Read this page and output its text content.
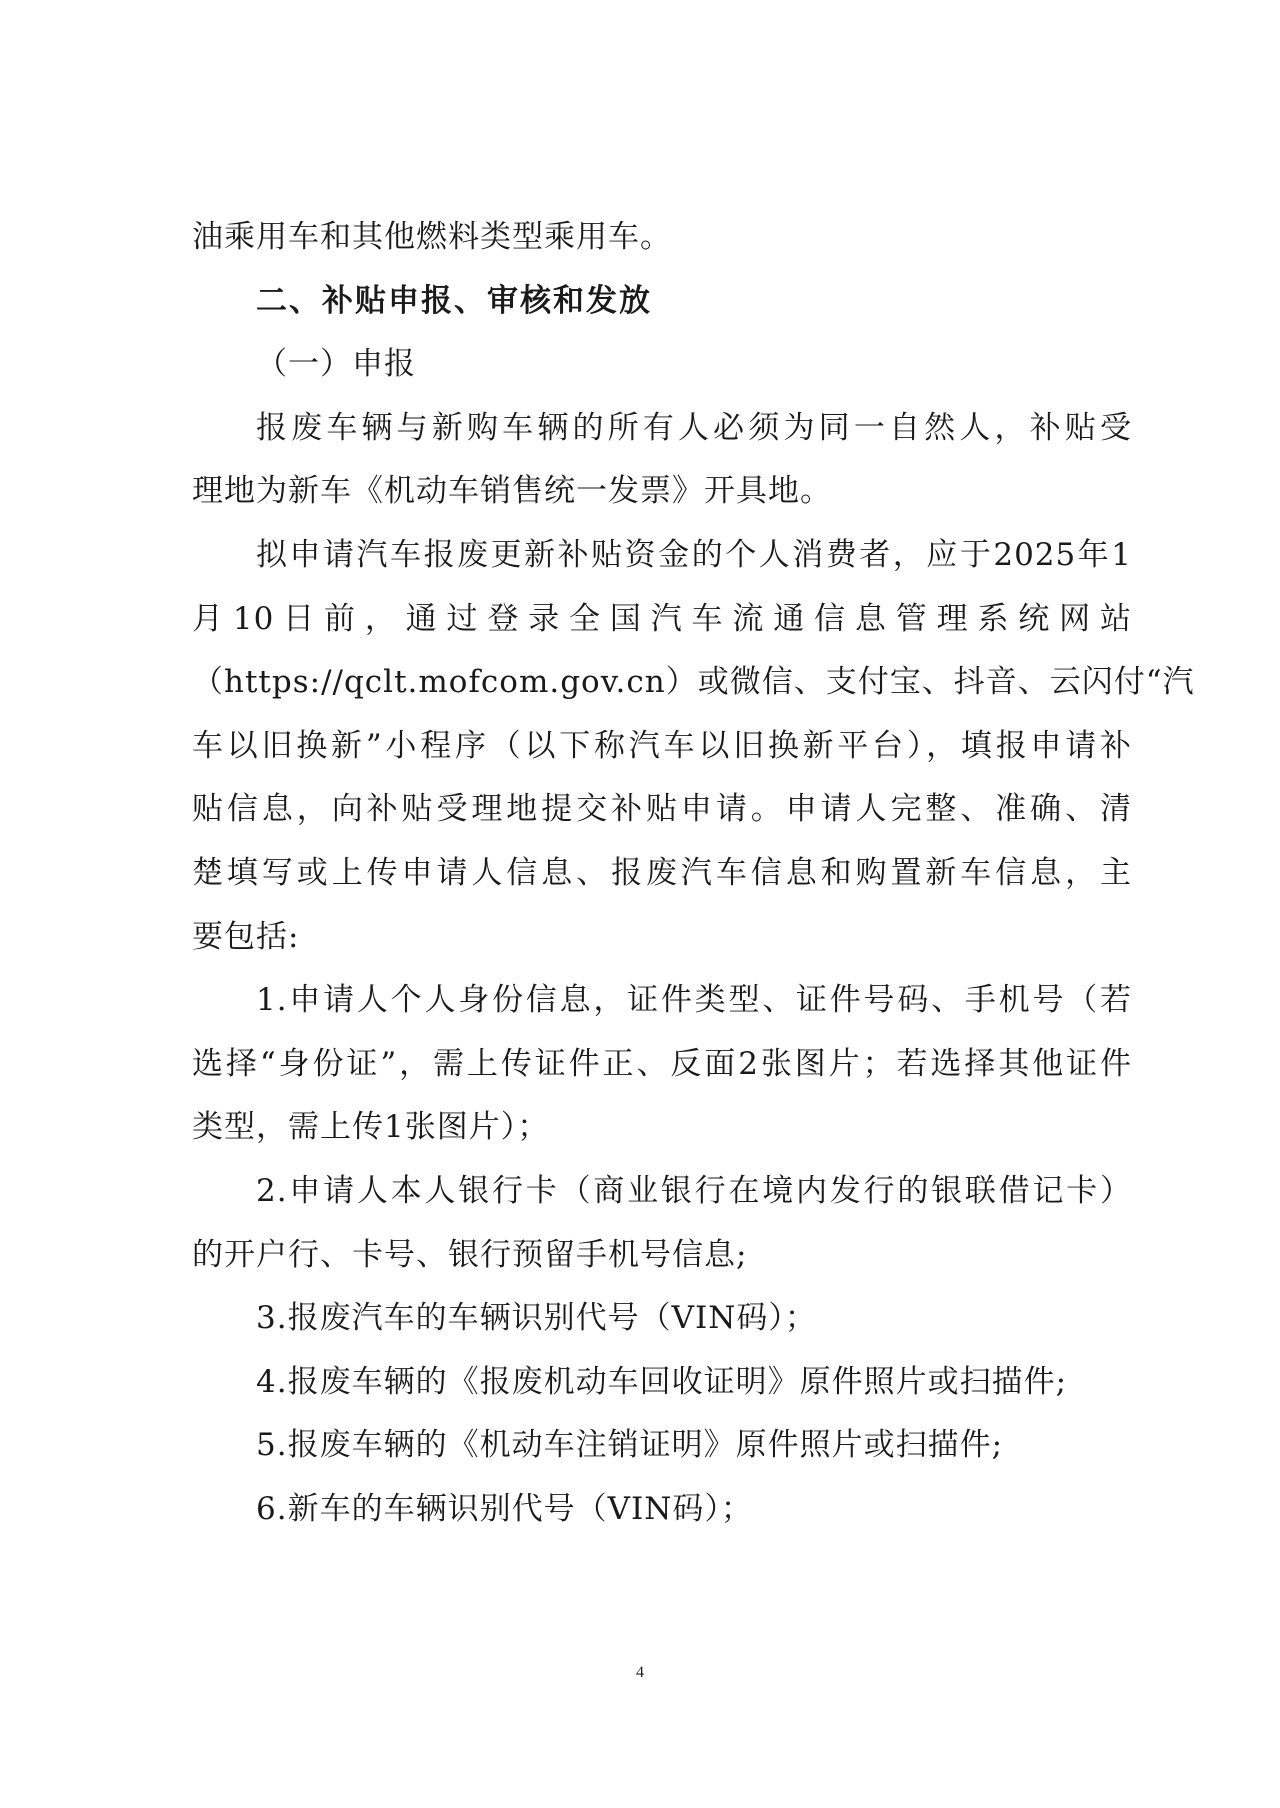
油乘用车和其他燃料类型乘用车。
二、补贴申报、审核和发放
（一）申报
报废车辆与新购车辆的所有人必须为同一自然人，补贴受
理地为新车《机动车销售统一发票》开具地。
拟申请汽车报废更新补贴资金的个人消费者，应于2025年1
月10日前，通过登录全国汽车流通信息管理系统网站
（https://qclt.mofcom.gov.cn）或微信、支付宝、抖音、云闪付“汽
车以旧换新”小程序（以下称汽车以旧换新平台），填报申请补
贴信息，向补贴受理地提交补贴申请。申请人完整、准确、清
楚填写或上传申请人信息、报废汽车信息和购置新车信息，主
要包括:
1.申请人个人身份信息，证件类型、证件号码、手机号（若
选择“身份证”，需上传证件正、反面2张图片；若选择其他证件
类型，需上传1张图片）；
2.申请人本人银行卡（商业银行在境内发行的银联借记卡）
的开户行、卡号、银行预留手机号信息;
3.报废汽车的车辆识别代号（VIN码）；
4.报废车辆的《报废机动车回收证明》原件照片或扫描件;
5.报废车辆的《机动车注销证明》原件照片或扫描件;
6.新车的车辆识别代号（VIN码）；
4
